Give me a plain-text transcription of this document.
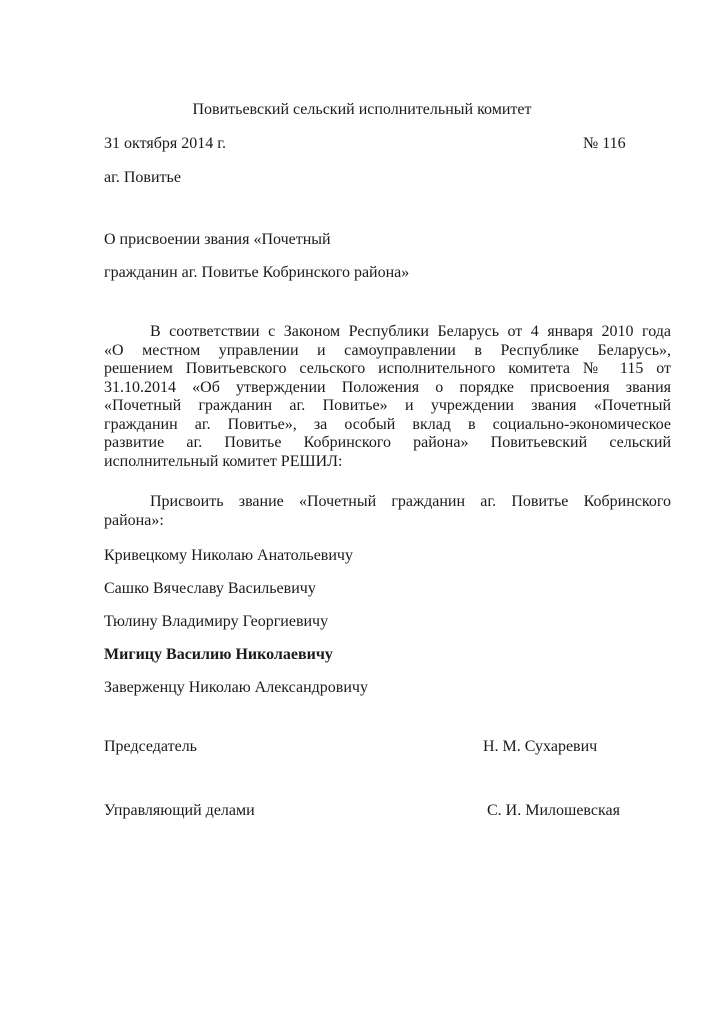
Повитьевский сельский исполнительный комитет
31 октября 2014 г.	№ 116
аг. Повитье
О присвоении звания «Почетный
гражданин аг. Повитье Кобринского района»
В соответствии с Законом Республики Беларусь от 4 января 2010 года
«О местном управлении и самоуправлении в Республике Беларусь»,
решением Повитьевского сельского исполнительного комитета № 115 от
31.10.2014 «Об утверждении Положения о порядке присвоения звания
«Почетный гражданин аг. Повитье» и учреждении звания «Почетный
гражданин аг. Повитье», за особый вклад в социально-экономическое
развитие аг. Повитье Кобринского района» Повитьевский сельский
исполнительный комитет РЕШИЛ:
Присвоить звание «Почетный гражданин аг. Повитье Кобринского
района»:
Кривецкому Николаю Анатольевичу
Сашко Вячеславу Васильевичу
Тюлину Владимиру Георгиевичу
Мигицу Василию Николаевичу
Заверженцу Николаю Александровичу
Председатель	Н. М. Сухаревич
Управляющий делами	С. И. Милошевская
